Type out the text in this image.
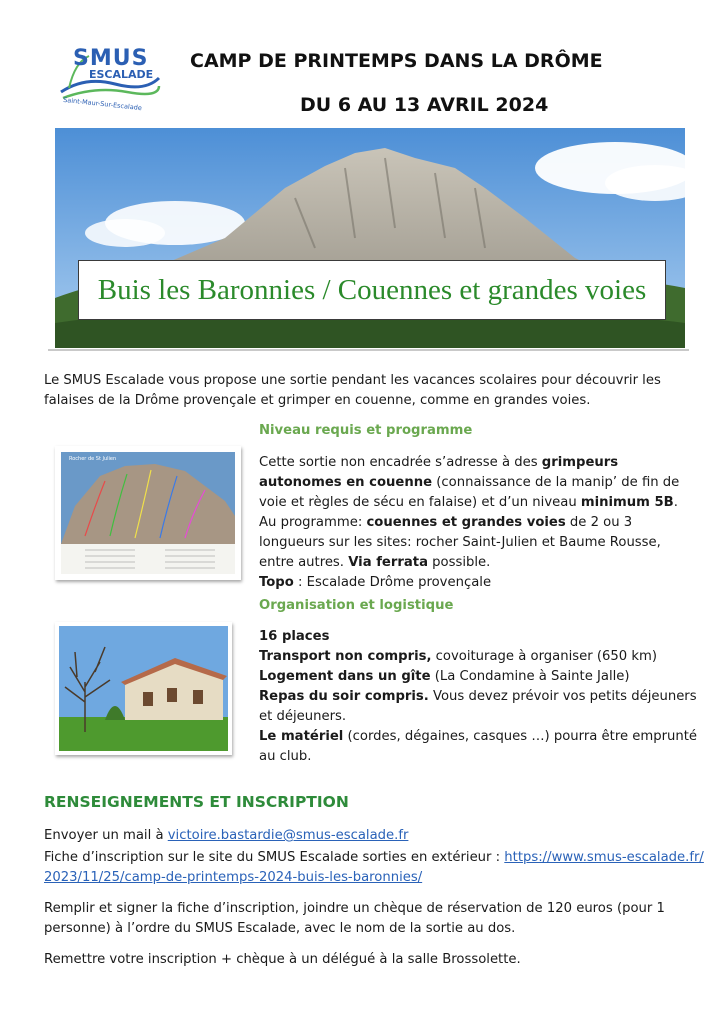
SMUS
ESCALADE
Saint-Maur-Sur-Escalade
CAMP DE PRINTEMPS DANS LA DRÔME
DU 6 AU 13 AVRIL 2024
Buis les Baronnies / Couennes et grandes voies
Le SMUS Escalade vous propose une sortie pendant les vacances scolaires pour découvrir les falaises de la Drôme provençale et grimper en couenne, comme en grandes voies.
Rocher de St Julien
Niveau requis et programme
Cette sortie non encadrée s’adresse à des grimpeurs autonomes en couenne (connaissance de la manip’ de fin de voie et règles de sécu en falaise) et d’un niveau minimum 5B. Au programme: couennes et grandes voies de 2 ou 3 longueurs sur les sites: rocher Saint-Julien et Baume Rousse, entre autres. Via ferrata possible.
Topo : Escalade Drôme provençale
Organisation et logistique
16 places
Transport non compris, covoiturage à organiser (650 km)
Logement dans un gîte (La Condamine à Sainte Jalle)
Repas du soir compris. Vous devez prévoir vos petits déjeuners et déjeuners.
Le matériel (cordes, dégaines, casques …) pourra être emprunté au club.
RENSEIGNEMENTS ET INSCRIPTION
Envoyer un mail à victoire.bastardie@smus-escalade.fr
Fiche d’inscription sur le site du SMUS Escalade sorties en extérieur : https://www.smus-escalade.fr/2023/11/25/camp-de-printemps-2024-buis-les-baronnies/
Remplir et signer la fiche d’inscription, joindre un chèque de réservation de 120 euros (pour 1 personne) à l’ordre du SMUS Escalade, avec le nom de la sortie au dos.
Remettre votre inscription + chèque à un délégué à la salle Brossolette.
